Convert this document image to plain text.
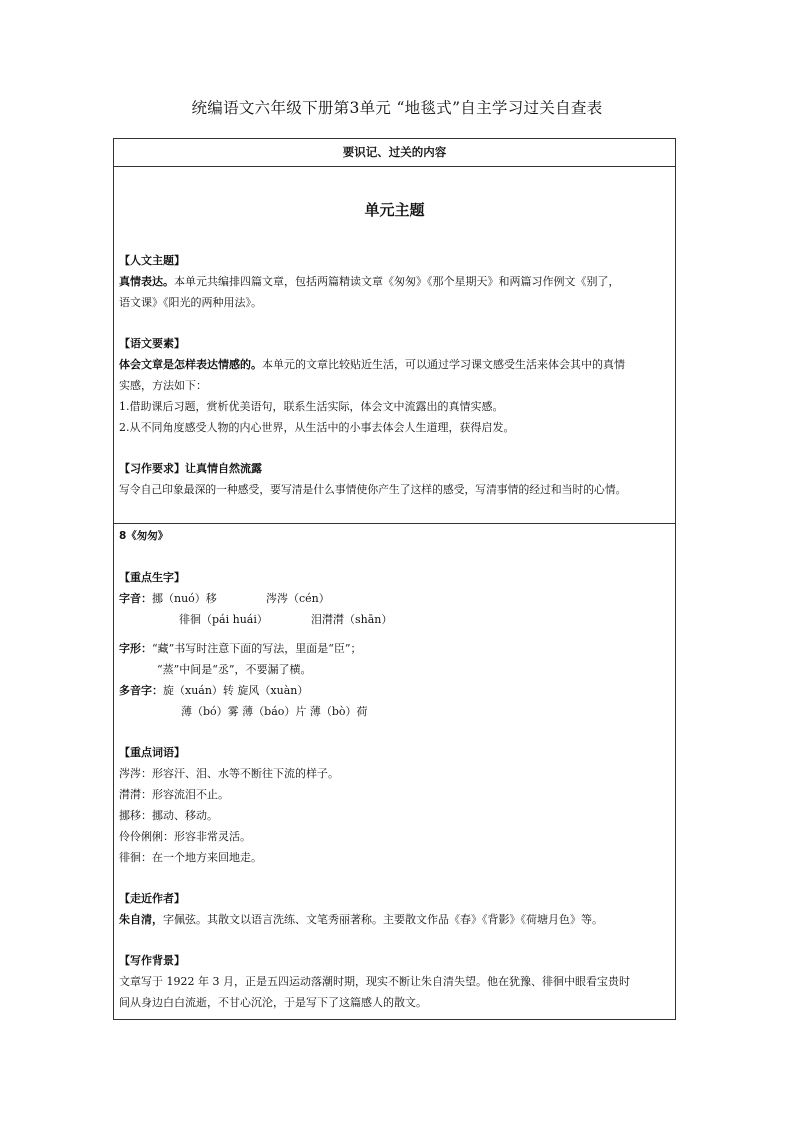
统编语文六年级下册第3单元 “地毯式”自主学习过关自查表
要识记、过关的内容
单元主题
【人文主题】
真情表达。本单元共编排四篇文章，包括两篇精读文章《匆匆》《那个星期天》和两篇习作例文《别了，
语文课》《阳光的两种用法》。
【语文要素】
体会文章是怎样表达情感的。本单元的文章比较贴近生活，可以通过学习课文感受生活来体会其中的真情
实感，方法如下：
1.借助课后习题，赏析优美语句，联系生活实际，体会文中流露出的真情实感。
2.从不同角度感受人物的内心世界，从生活中的小事去体会人生道理，获得启发。
【习作要求】让真情自然流露
写令自己印象最深的一种感受，要写清是什么事情使你产生了这样的感受，写清事情的经过和当时的心情。
8《匆匆》
【重点生字】
字音：挪（nuó）移	涔涔（cén）
徘徊（pái huái）	泪潸潸（shān）
字形：“藏”书写时注意下面的写法，里面是“臣”；
“蒸”中间是“丞”，不要漏了横。
多音字：旋（xuán）转 旋风（xuàn）
薄（bó）雾 薄（báo）片 薄（bò）荷
【重点词语】
涔涔：形容汗、泪、水等不断往下流的样子。
潸潸：形容流泪不止。
挪移：挪动、移动。
伶伶俐俐：形容非常灵活。
徘徊：在一个地方来回地走。
【走近作者】
朱自清，字佩弦。其散文以语言洗练、文笔秀丽著称。主要散文作品《春》《背影》《荷塘月色》等。
【写作背景】
文章写于 1922 年 3 月，正是五四运动落潮时期，现实不断让朱自清失望。他在犹豫、徘徊中眼看宝贵时
间从身边白白流逝，不甘心沉沦，于是写下了这篇感人的散文。
